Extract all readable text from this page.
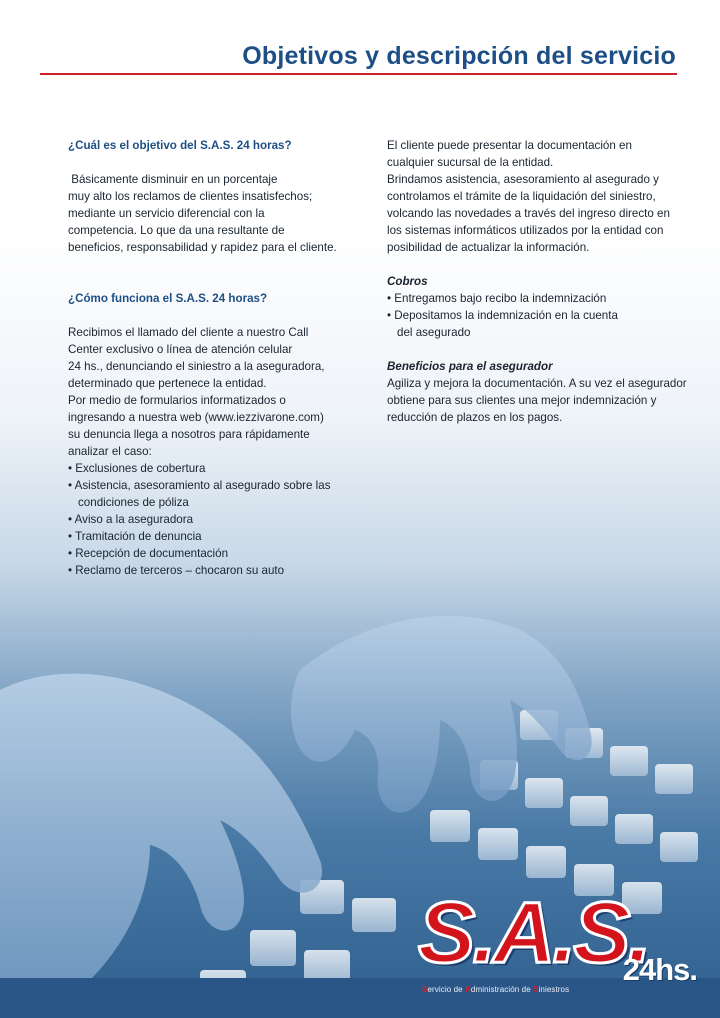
Objetivos y descripción del servicio
¿Cuál es el objetivo del S.A.S. 24 horas?
Básicamente disminuir en un porcentaje
muy alto los reclamos de clientes insatisfechos;
mediante un servicio diferencial con la
competencia. Lo que da una resultante de
beneficios, responsabilidad y rapidez para el cliente.
¿Cómo funciona el S.A.S. 24 horas?
Recibimos el llamado del cliente a nuestro Call
Center exclusivo o línea de atención celular
24 hs., denunciando el siniestro a la aseguradora,
determinado que pertenece la entidad.
Por medio de formularios informatizados o
ingresando a nuestra web (www.iezzivarone.com)
su denuncia llega a nosotros para rápidamente
analizar el caso:
• Exclusiones de cobertura
• Asistencia, asesoramiento al asegurado sobre las
condiciones de póliza
• Aviso a la aseguradora
• Tramitación de denuncia
• Recepción de documentación
• Reclamo de terceros – chocaron su auto
El cliente puede presentar la documentación en
cualquier sucursal de la entidad.
Brindamos asistencia, asesoramiento al asegurado y
controlamos el trámite de la liquidación del siniestro,
volcando las novedades a través del ingreso directo en
los sistemas informáticos utilizados por la entidad con
posibilidad de actualizar la información.
Cobros
• Entregamos bajo recibo la indemnización
• Depositamos la indemnización en la cuenta
del asegurado
Beneficios para el asegurador
Agiliza y mejora la documentación. A su vez el asegurador
obtiene para sus clientes una mejor indemnización y
reducción de plazos en los pagos.
S.A.S.
24hs.
Servicio de Administración de Siniestros
